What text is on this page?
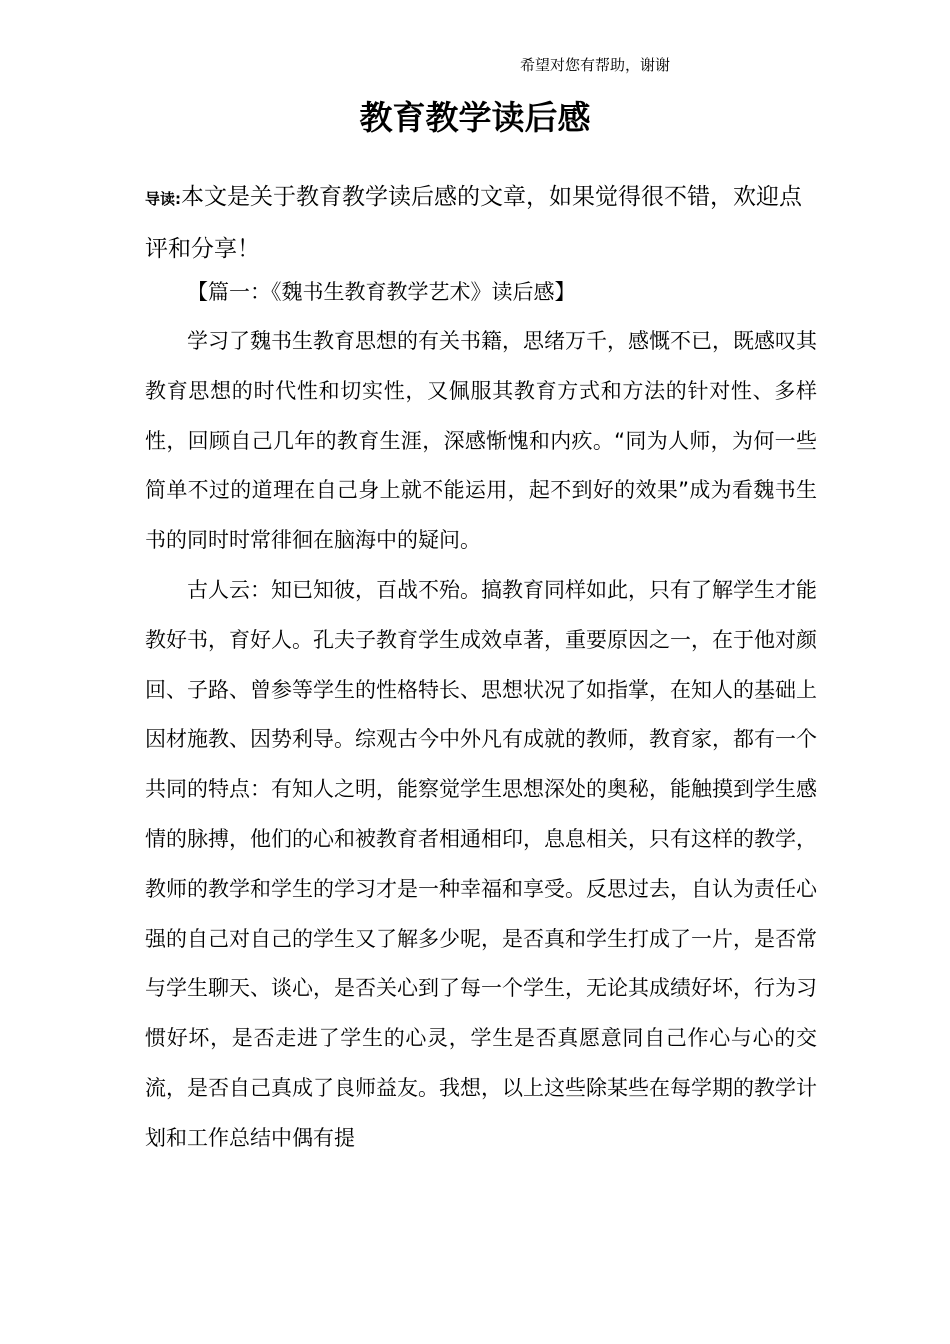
希望对您有帮助，谢谢
教育教学读后感

导读:本文是关于教育教学读后感的文章，如果觉得很不错，欢迎点评和分享！

【篇一：《魏书生教育教学艺术》读后感】

学习了魏书生教育思想的有关书籍，思绪万千，感慨不已，既感叹其教育思想的时代性和切实性，又佩服其教育方式和方法的针对性、多样性，回顾自己几年的教育生涯，深感惭愧和内疚。“同为人师，为何一些简单不过的道理在自己身上就不能运用，起不到好的效果”成为看魏书生书的同时时常徘徊在脑海中的疑问。

古人云：知已知彼，百战不殆。搞教育同样如此，只有了解学生才能教好书，育好人。孔夫子教育学生成效卓著，重要原因之一，在于他对颜回、子路、曾参等学生的性格特长、思想状况了如指掌，在知人的基础上因材施教、因势利导。综观古今中外凡有成就的教师，教育家，都有一个共同的特点：有知人之明，能察觉学生思想深处的奥秘，能触摸到学生感情的脉搏，他们的心和被教育者相通相印，息息相关，只有这样的教学，教师的教学和学生的学习才是一种幸福和享受。反思过去，自认为责任心强的自己对自己的学生又了解多少呢，是否真和学生打成了一片，是否常与学生聊天、谈心，是否关心到了每一个学生，无论其成绩好坏，行为习惯好坏，是否走进了学生的心灵，学生是否真愿意同自己作心与心的交流，是否自己真成了良师益友。我想，以上这些除某些在每学期的教学计划和工作总结中偶有提
